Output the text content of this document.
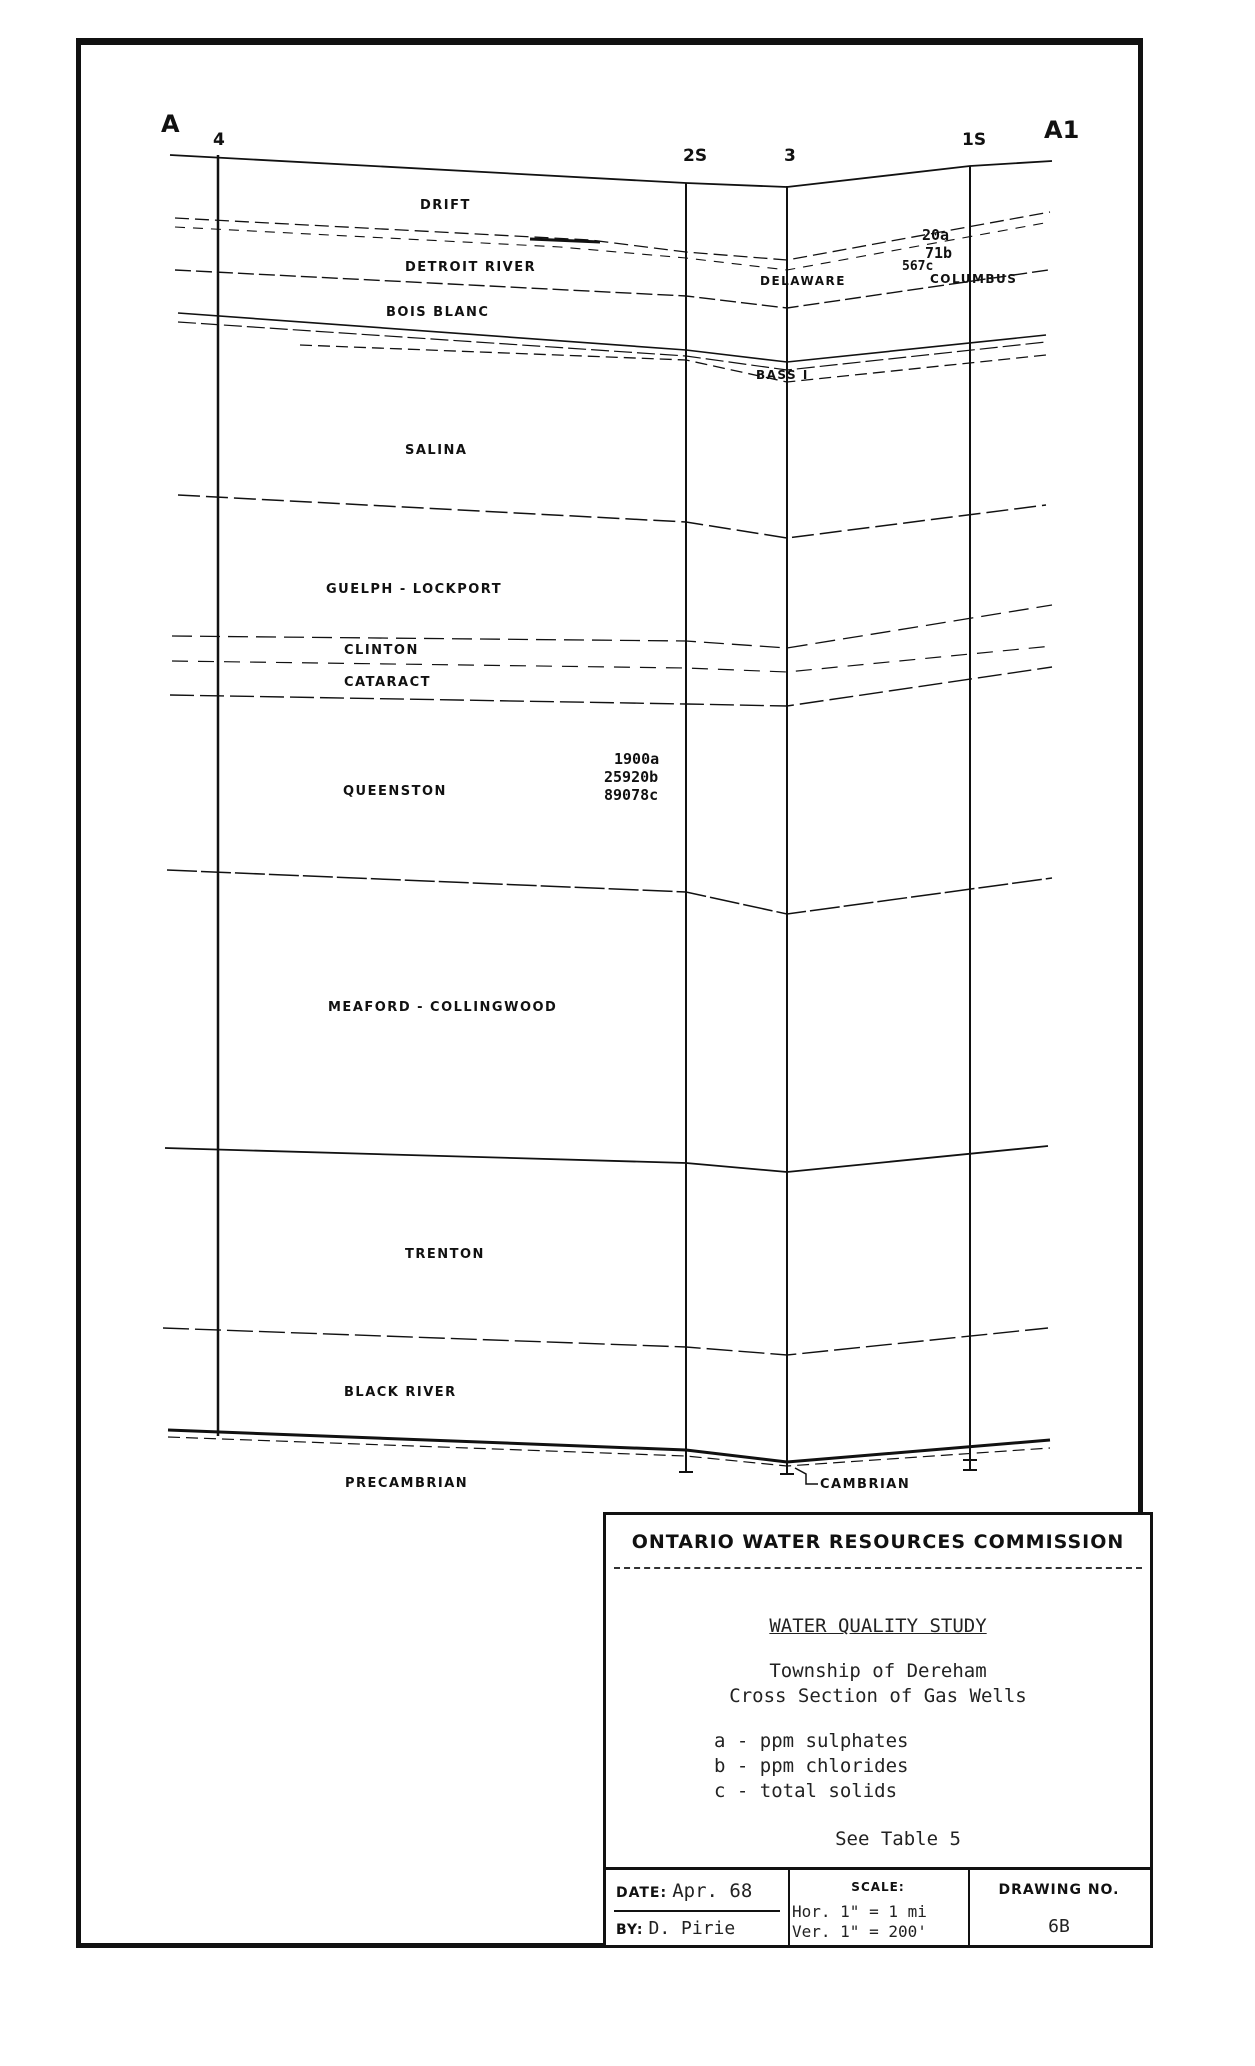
A	A1
4
2S	3
1S
DRIFT
DETROIT RIVER
DELAWARE	COLUMBUS
BOIS BLANC
BASS I
SALINA
GUELPH - LOCKPORT
CLINTON
CATARACT
QUEENSTON
MEAFORD - COLLINGWOOD
TRENTON
BLACK RIVER
PRECAMBRIAN	CAMBRIAN
20a
71b
567c
1900a
25920b
89078c
ONTARIO WATER RESOURCES COMMISSION
WATER QUALITY STUDY
Township of Dereham
Cross Section of Gas Wells
a - ppm sulphates
b - ppm chlorides
c - total solids
See Table 5
DATE: Apr. 68
BY: D. Pirie
SCALE:
Hor. 1" = 1 mi
Ver. 1" = 200'
DRAWING NO.
6B
